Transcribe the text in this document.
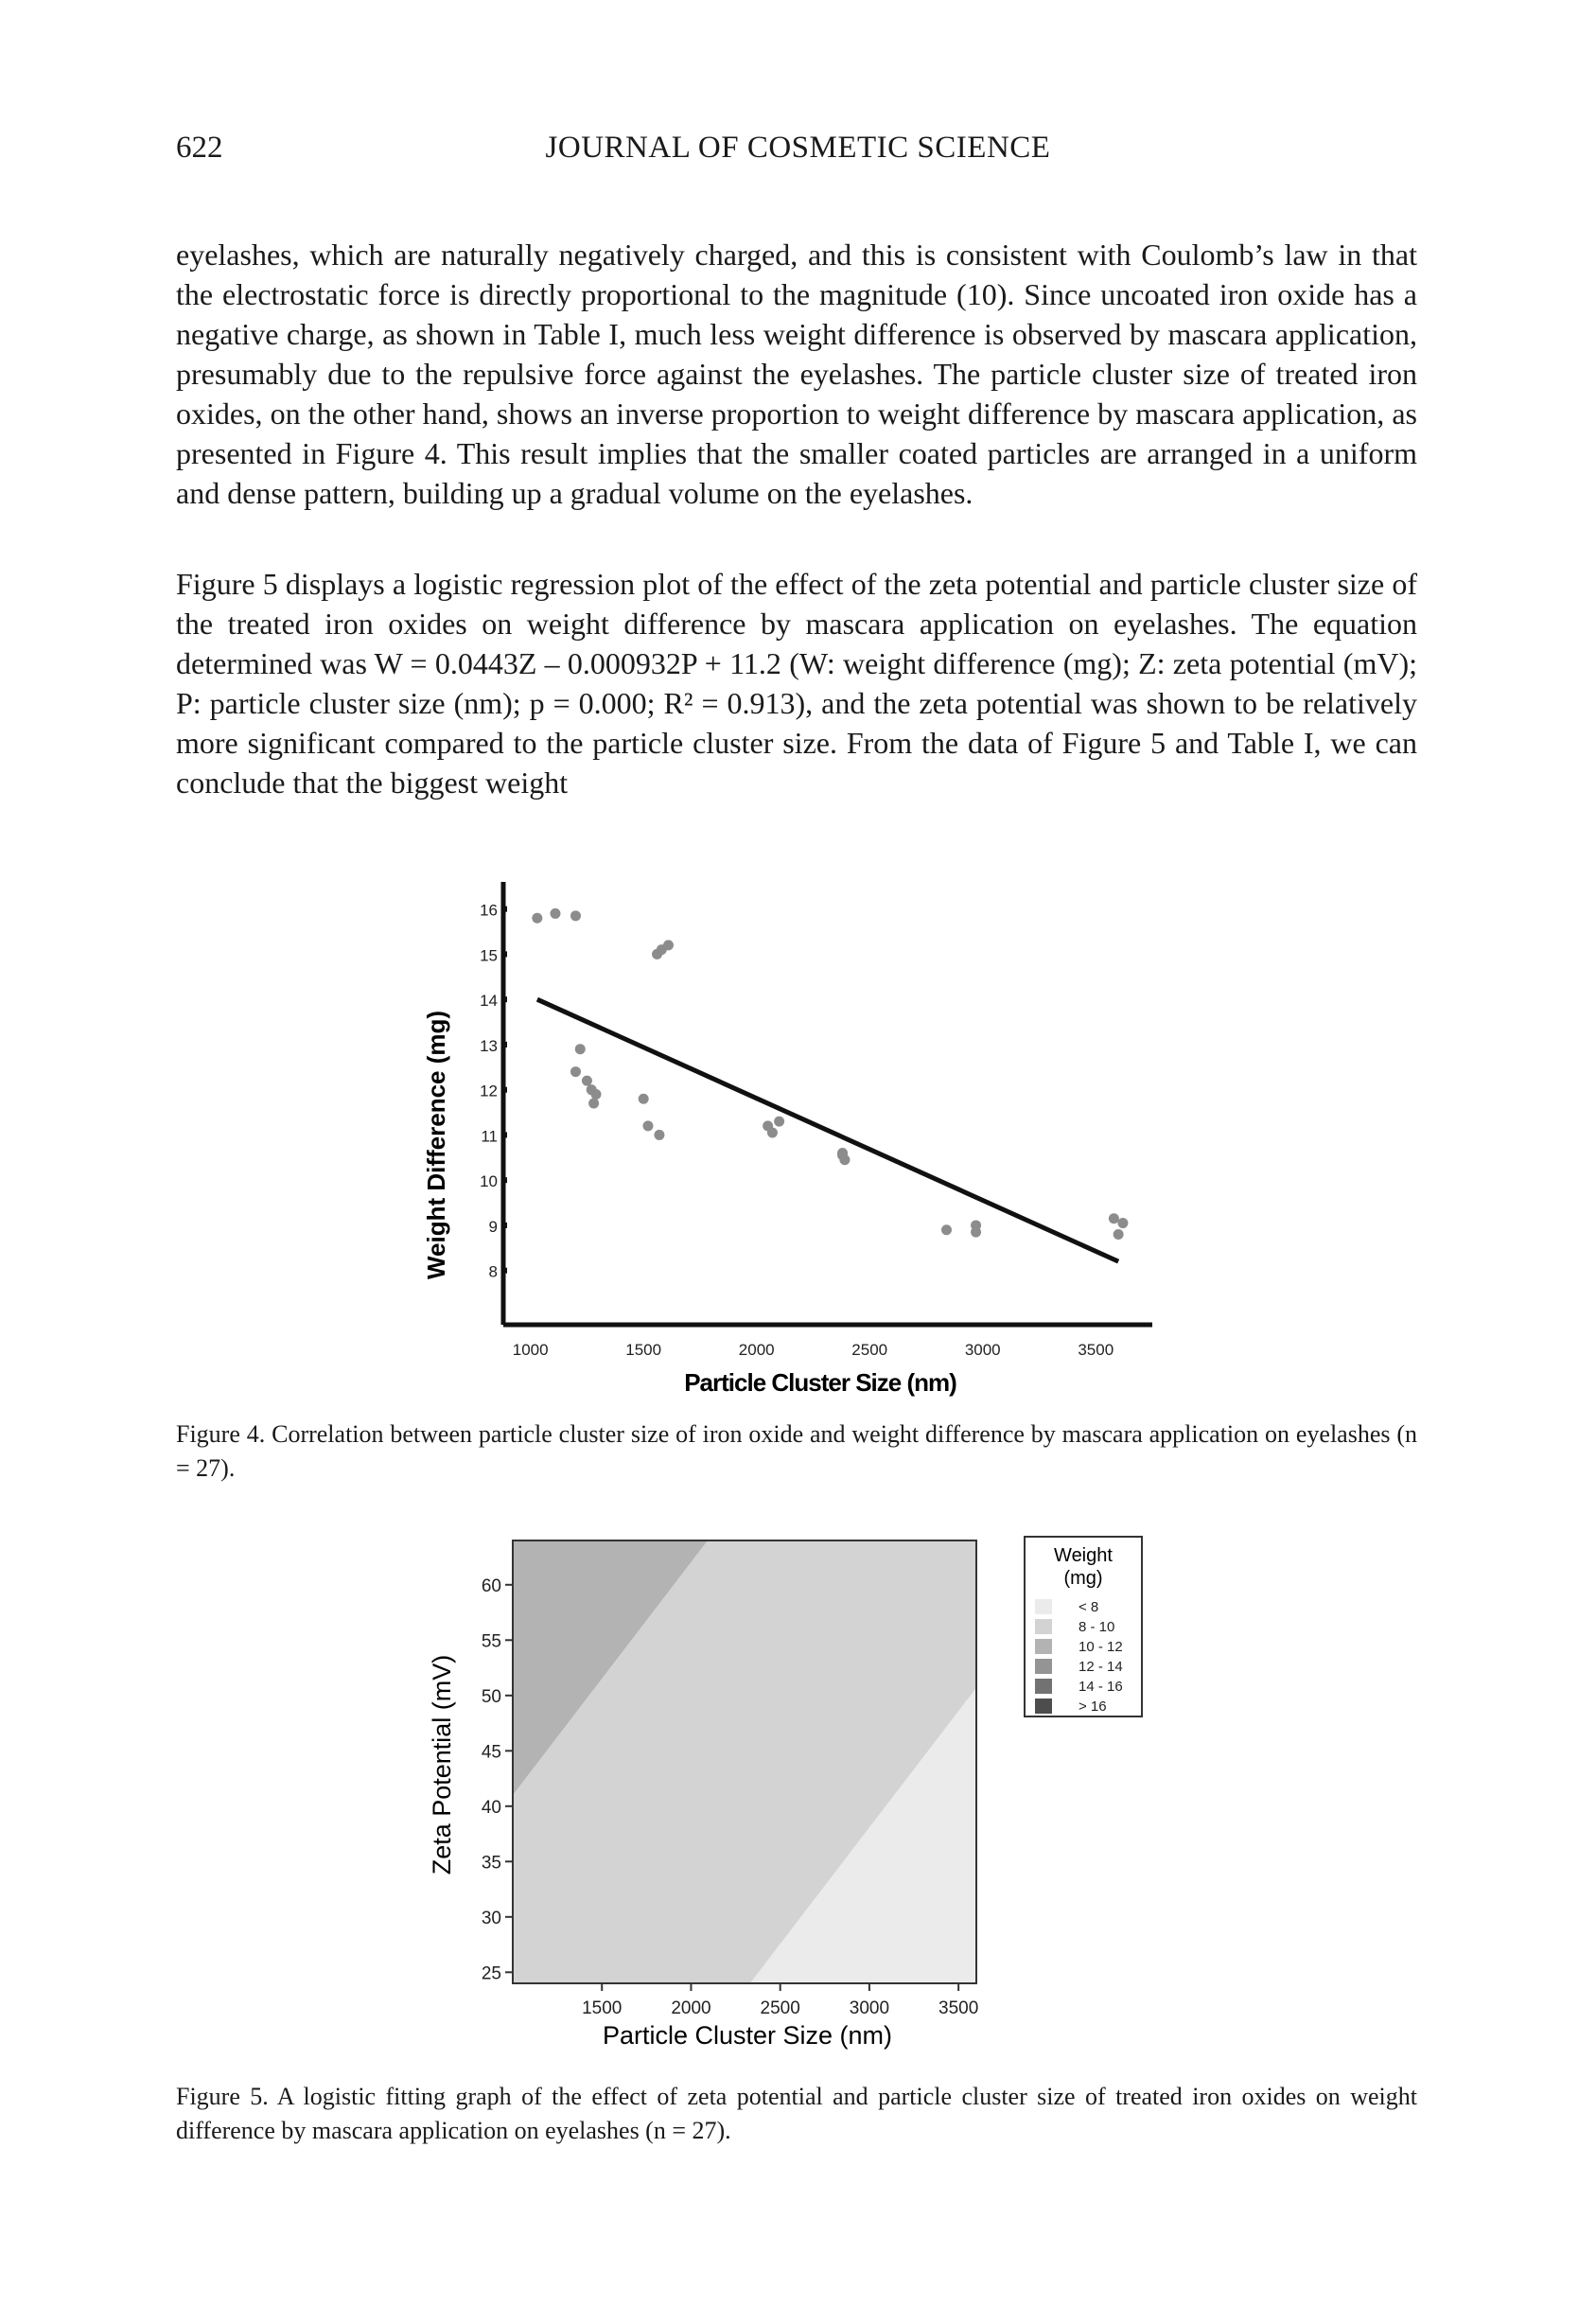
622	JOURNAL OF COSMETIC SCIENCE
eyelashes, which are naturally negatively charged, and this is consistent with Coulomb’s law in that the electrostatic force is directly proportional to the magnitude (10). Since uncoated iron oxide has a negative charge, as shown in Table I, much less weight difference is observed by mascara application, presumably due to the repulsive force against the eyelashes. The particle cluster size of treated iron oxides, on the other hand, shows an inverse proportion to weight difference by mascara application, as presented in Figure 4. This result implies that the smaller coated particles are arranged in a uniform and dense pattern, building up a gradual volume on the eyelashes.
Figure 5 displays a logistic regression plot of the effect of the zeta potential and particle cluster size of the treated iron oxides on weight difference by mascara application on eyelashes. The equation determined was W = 0.0443Z – 0.000932P + 11.2 (W: weight difference (mg); Z: zeta potential (mV); P: particle cluster size (nm); p = 0.000; R² = 0.913), and the zeta potential was shown to be relatively more significant compared to the particle cluster size. From the data of Figure 5 and Table I, we can conclude that the biggest weight
8
9
10
11
12
13
14
15
16
1000	1500	2000	2500	3000	3500
Weight Difference (mg)
Particle Cluster Size (nm)
Figure 4. Correlation between particle cluster size of iron oxide and weight difference by mascara application on eyelashes (n = 27).
25
30
35
40
45
50
55
60
1500	2000	2500	3000	3500
Zeta Potential (mV)
Particle Cluster Size (nm)
Weight
(mg)
< 8
8 - 10
10 - 12
12 - 14
14 - 16
> 16
Figure 5. A logistic fitting graph of the effect of zeta potential and particle cluster size of treated iron oxides on weight difference by mascara application on eyelashes (n = 27).
